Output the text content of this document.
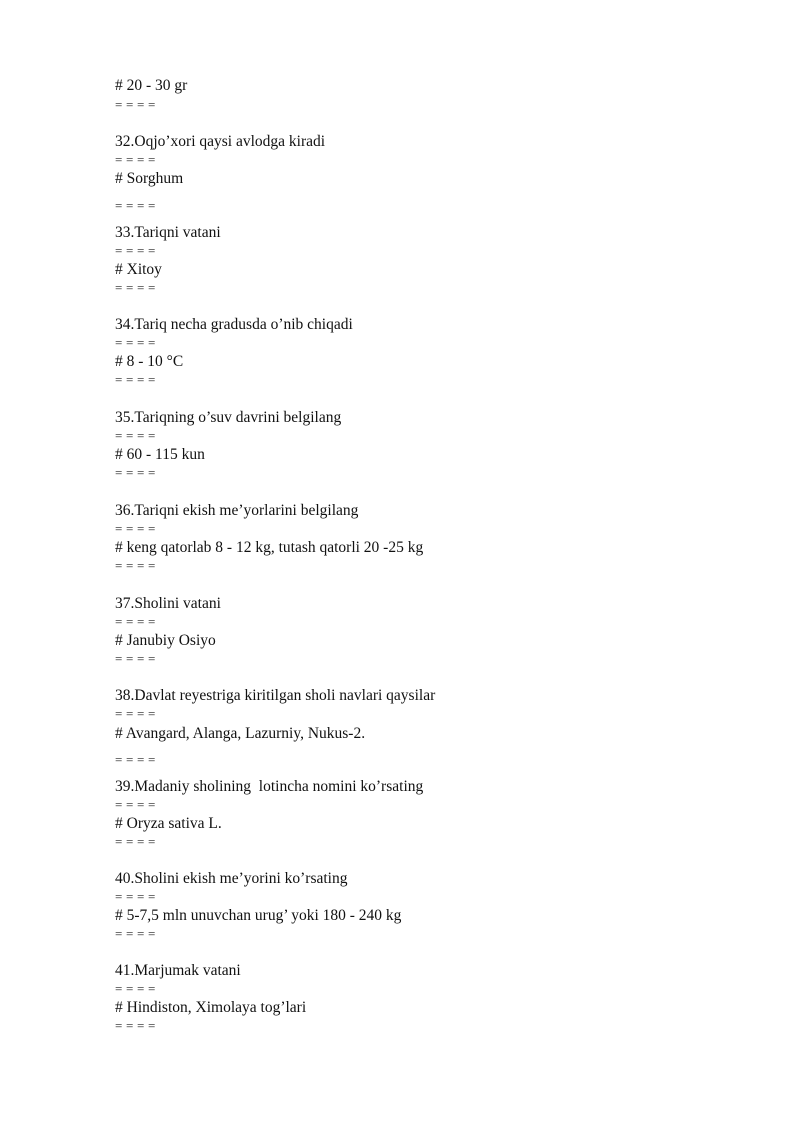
# 20 - 30 gr
= = = =
32.Oqjo’xori qaysi avlodga kiradi
= = = =
# Sorghum
= = = =
33.Tariqni vatani
= = = =
# Xitoy
= = = =
34.Tariq necha gradusda o’nib chiqadi
= = = =
# 8 - 10 °C
= = = =
35.Tariqning o’suv davrini belgilang
= = = =
# 60 - 115 kun
= = = =
36.Tariqni ekish me’yorlarini belgilang
= = = =
# keng qatorlab 8 - 12 kg, tutash qatorli 20 -25 kg
= = = =
37.Sholini vatani
= = = =
# Janubiy Osiyo
= = = =
38.Davlat reyestriga kiritilgan sholi navlari qaysilar
= = = =
# Avangard, Alanga, Lazurniy, Nukus-2.
= = = =
39.Madaniy sholining  lotincha nomini ko’rsating
= = = =
# Oryza sativa L.
= = = =
40.Sholini ekish me’yorini ko’rsating
= = = =
# 5-7,5 mln unuvchan urug’ yoki 180 - 240 kg
= = = =
41.Marjumak vatani
= = = =
# Hindiston, Ximolaya tog’lari
= = = =
